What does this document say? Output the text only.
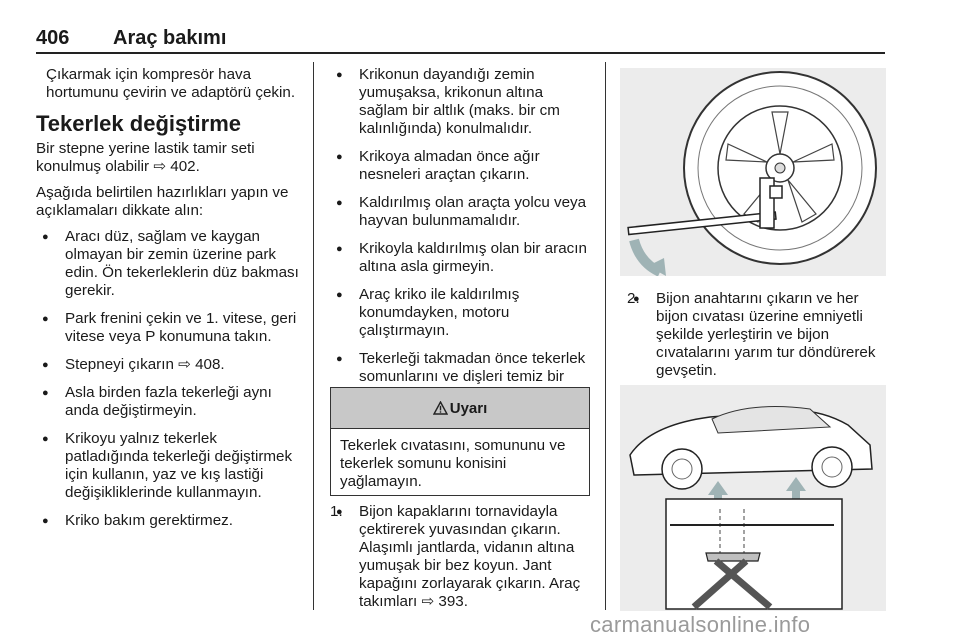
406 Araç bakımı

Çıkarmak için kompresör hava hortumunu çevirin ve adaptörü çekin.

Tekerlek değiştirme

Bir stepne yerine lastik tamir seti konulmuş olabilir ⇨ 402.

Aşağıda belirtilen hazırlıkları yapın ve açıklamaları dikkate alın:

● Aracı düz, sağlam ve kaygan olmayan bir zemin üzerine park edin. Ön tekerleklerin düz bakması gerekir.
● Park frenini çekin ve 1. vitese, geri vitese veya P konumuna takın.
● Stepneyi çıkarın ⇨ 408.
● Asla birden fazla tekerleği aynı anda değiştirmeyin.
● Krikoyu yalnız tekerlek patladığında tekerleği değiştirmek için kullanın, yaz ve kış lastiği değişikliklerinde kullanmayın.
● Kriko bakım gerektirmez.
● Krikonun dayandığı zemin yumuşaksa, krikonun altına sağlam bir altlık (maks. bir cm kalınlığında) konulmalıdır.
● Krikoya almadan önce ağır nesneleri araçtan çıkarın.
● Kaldırılmış olan araçta yolcu veya hayvan bulunmamalıdır.
● Krikoyla kaldırılmış olan bir aracın altına asla girmeyin.
● Araç kriko ile kaldırılmış konumdayken, motoru çalıştırmayın.
● Tekerleği takmadan önce tekerlek somunlarını ve dişleri temiz bir
Uyarı
Tekerlek cıvatasını, somununu ve tekerlek somunu konisini yağlamayın.
● 1. Bijon kapaklarını tornavidayla çektirerek yuvasından çıkarın. Alaşımlı jantlarda, vidanın altına yumuşak bir bez koyun. Jant kapağını zorlayarak çıkarın. Araç takımları ⇨ 393.
● 2. Bijon anahtarını çıkarın ve her bijon cıvatası üzerine emniyetli şekilde yerleştirin ve bijon cıvatalarını yarım tur döndürerek gevşetin.
carmanualsonline.info
